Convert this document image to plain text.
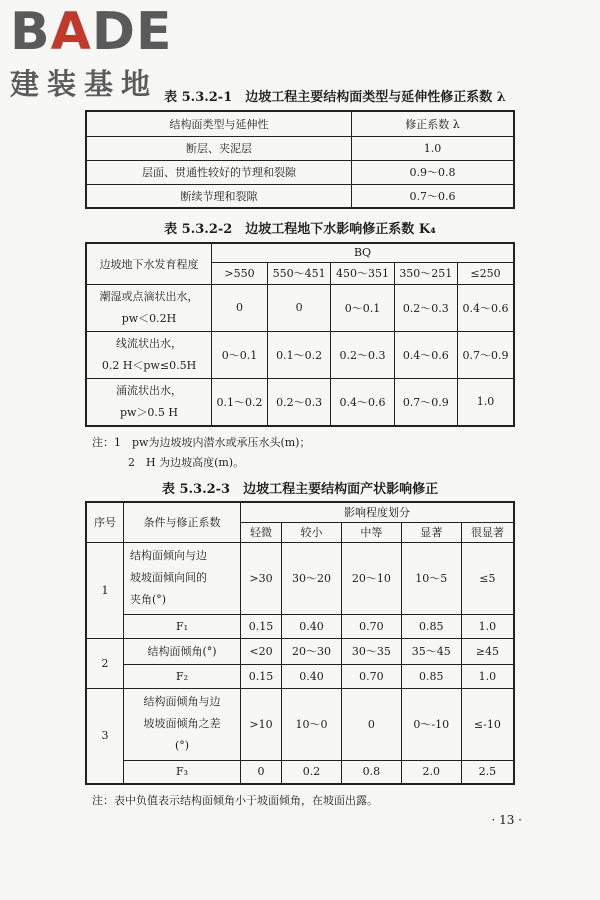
BADE
建装基地 表 5.3.2-1　边坡工程主要结构面类型与延伸性修正系数 λ
结构面类型与延伸性	修正系数 λ
断层、夹泥层	1.0
层面、贯通性较好的节理和裂隙	0.9～0.8
断续节理和裂隙	0.7～0.6
表 5.3.2-2　边坡工程地下水影响修正系数 K₄
边坡地下水发育程度	BQ				
	>550	550～451	450～351	350～251	≤250
潮湿或点滴状出水，
pw＜0.2H	0	0	0～0.1	0.2～0.3	0.4～0.6
线流状出水，
0.2 H＜pw≤0.5H	0～0.1	0.1～0.2	0.2～0.3	0.4～0.6	0.7～0.9
涌流状出水，
pw＞0.5 H	0.1～0.2	0.2～0.3	0.4～0.6	0.7～0.9	1.0
注：1　pw为边坡坡内潜水或承压水头(m)；
2　H 为边坡高度(m)。
表 5.3.2-3　边坡工程主要结构面产状影响修正
序号	条件与修正系数	影响程度划分				
		轻微	较小	中等	显著	很显著
1	结构面倾向与边
坡坡面倾向间的
夹角(°)	>30	30～20	20～10	10～5	≤5
	F₁	0.15	0.40	0.70	0.85	1.0
2	结构面倾角(°)	<20	20～30	30～35	35～45	≥45
	F₂	0.15	0.40	0.70	0.85	1.0
3	结构面倾角与边
坡坡面倾角之差
(°)	>10	10～0	0	0～-10	≤-10
	F₃	0	0.2	0.8	2.0	2.5
注：表中负值表示结构面倾角小于坡面倾角，在坡面出露。
· 13 ·
